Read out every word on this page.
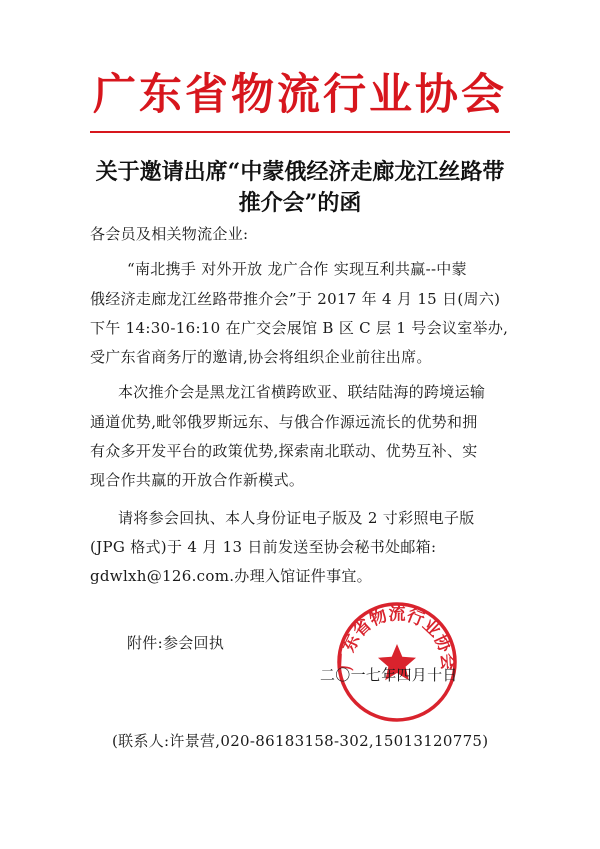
广东省物流行业协会
关于邀请出席“中蒙俄经济走廊龙江丝路带
推介会”的函
各会员及相关物流企业:
“南北携手 对外开放 龙广合作 实现互利共赢--中蒙
俄经济走廊龙江丝路带推介会”于 2017 年 4 月 15 日(周六)
下午 14:30-16:10 在广交会展馆 B 区 C 层 1 号会议室举办,
受广东省商务厅的邀请,协会将组织企业前往出席。
本次推介会是黑龙江省横跨欧亚、联结陆海的跨境运输
通道优势,毗邻俄罗斯远东、与俄合作源远流长的优势和拥
有众多开发平台的政策优势,探索南北联动、优势互补、实
现合作共赢的开放合作新模式。
请将参会回执、本人身份证电子版及 2 寸彩照电子版
(JPG 格式)于 4 月 13 日前发送至协会秘书处邮箱:
gdwlxh@126.com.办理入馆证件事宜。
附件:参会回执
广东省物流行业协会
二〇一七年四月十日
(联系人:许景营,020-86183158-302,15013120775)
